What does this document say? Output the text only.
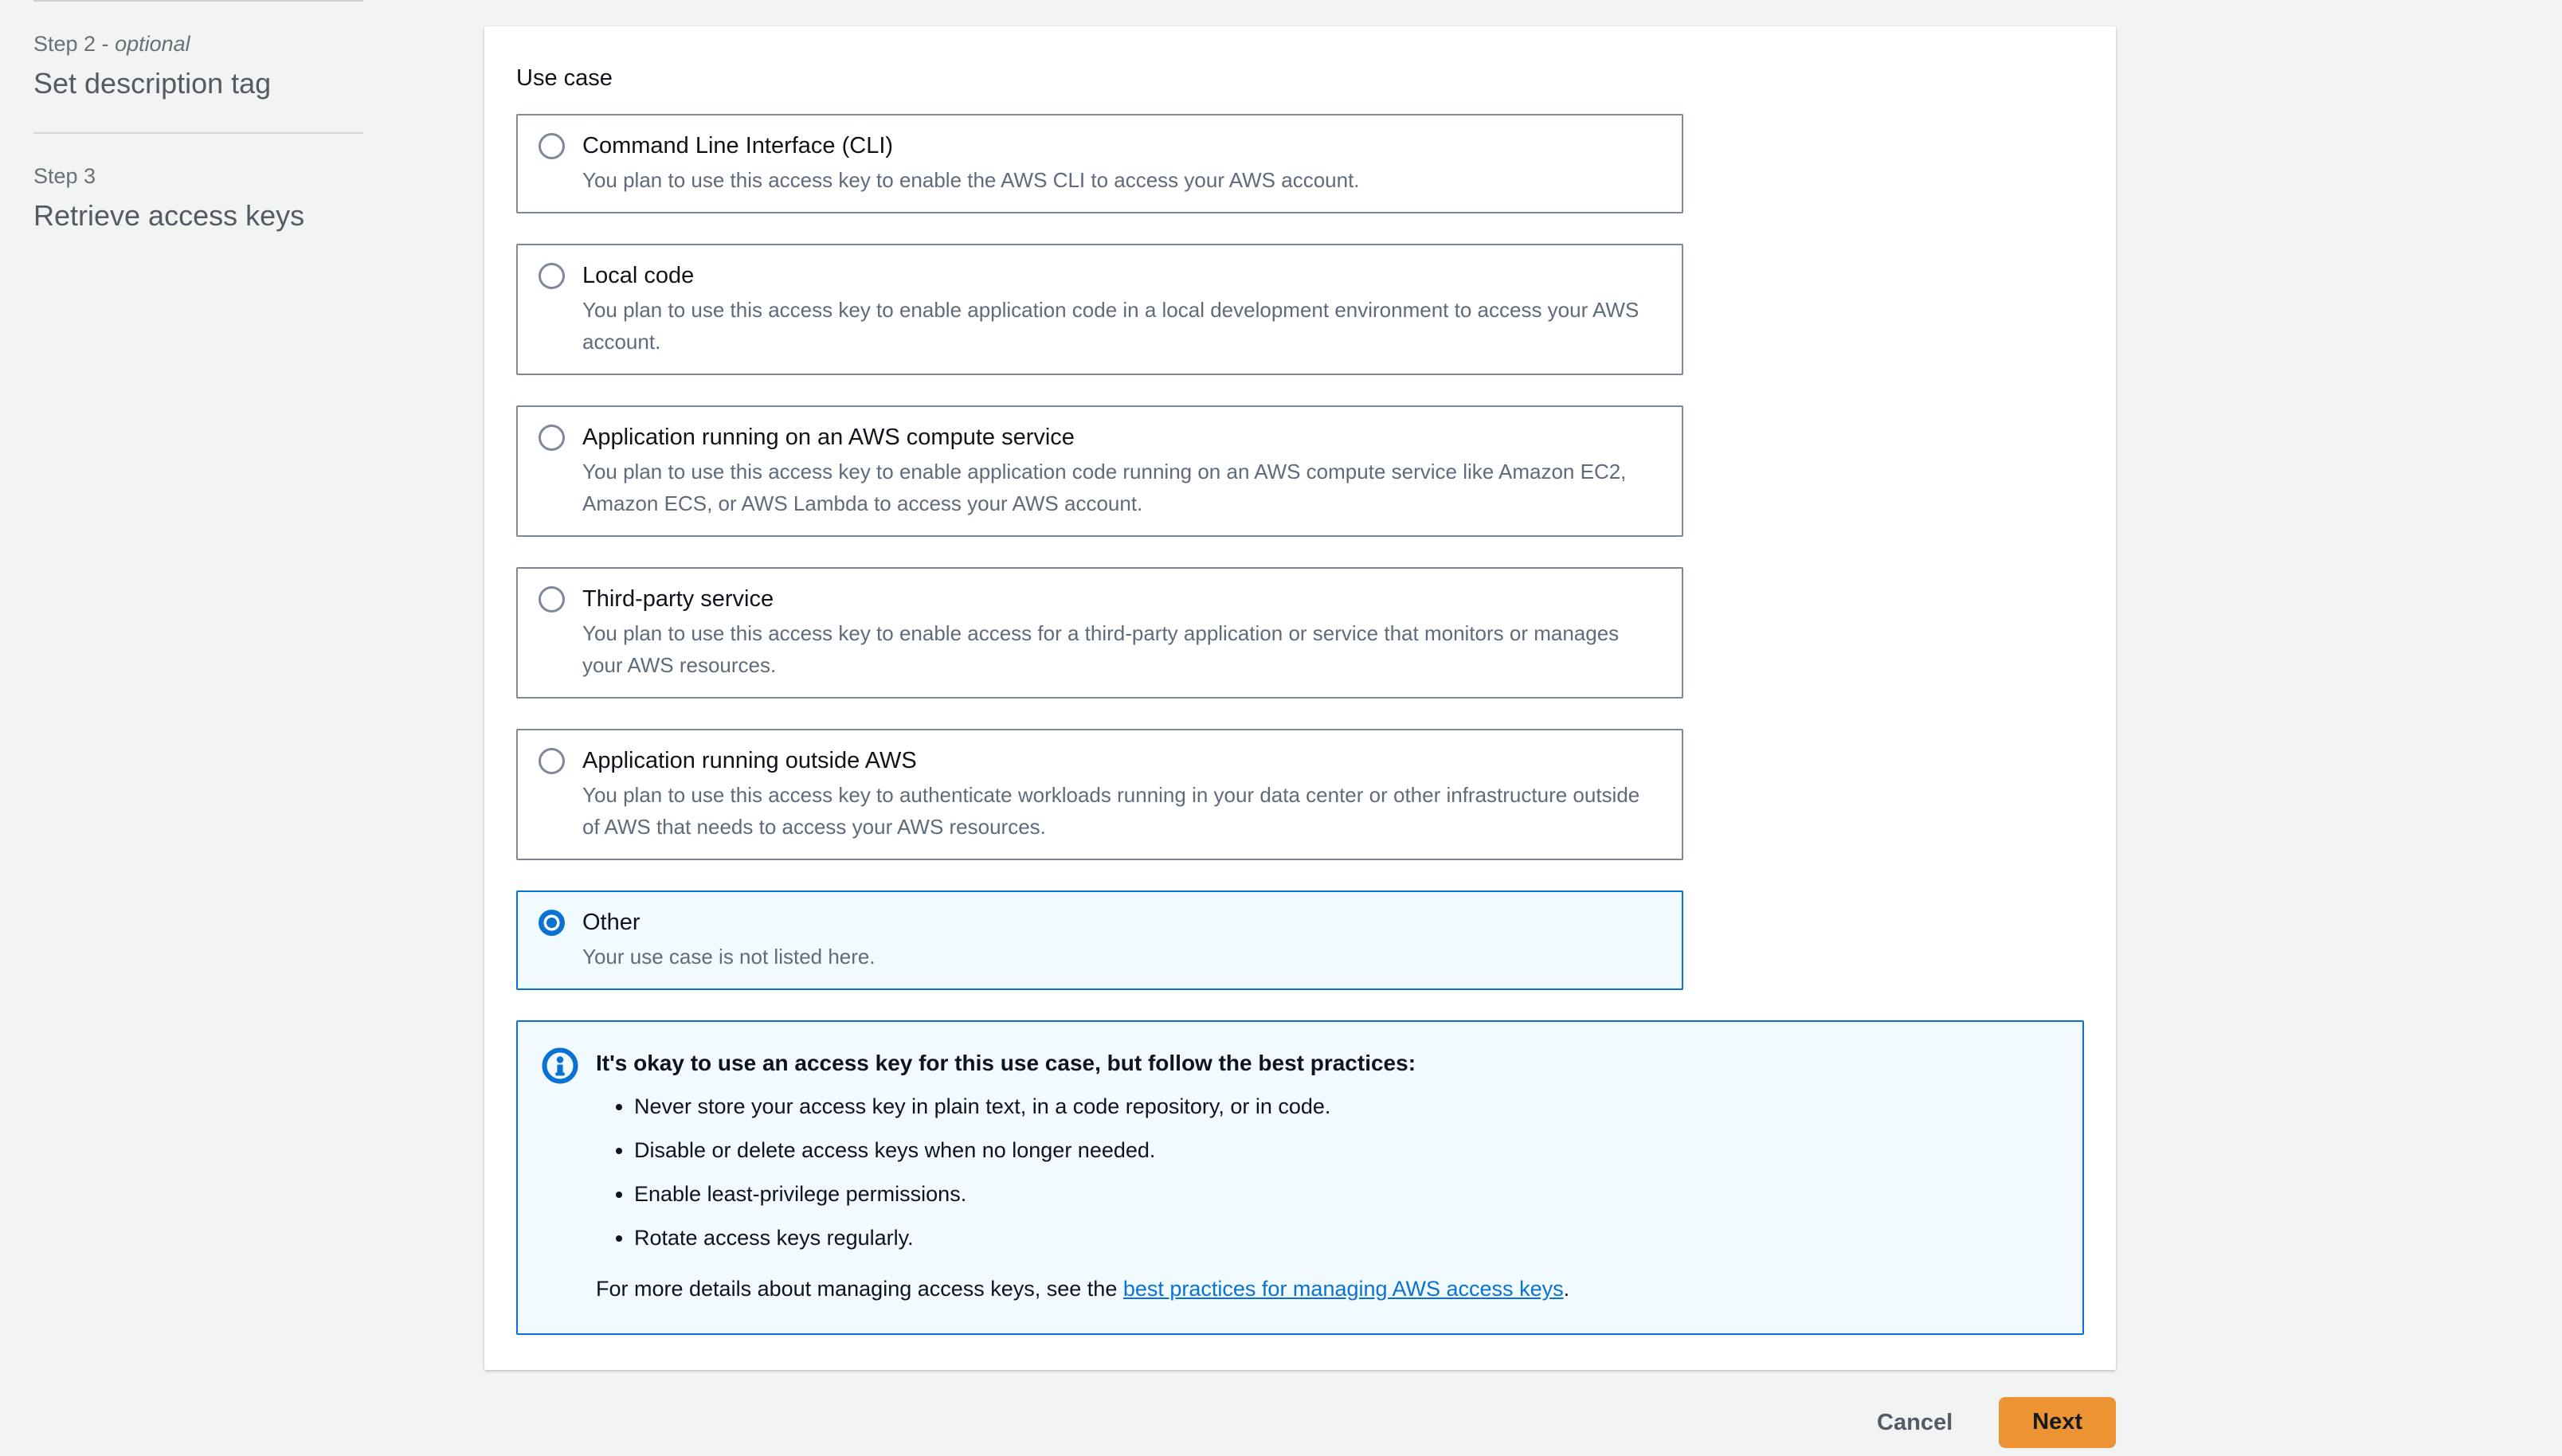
Step 2 - optional
Set description tag
Step 3
Retrieve access keys
Use case
Command Line Interface (CLI)
You plan to use this access key to enable the AWS CLI to access your AWS account.
Local code
You plan to use this access key to enable application code in a local development environment to access your AWS account.
Application running on an AWS compute service
You plan to use this access key to enable application code running on an AWS compute service like Amazon EC2, Amazon ECS, or AWS Lambda to access your AWS account.
Third-party service
You plan to use this access key to enable access for a third-party application or service that monitors or manages your AWS resources.
Application running outside AWS
You plan to use this access key to authenticate workloads running in your data center or other infrastructure outside of AWS that needs to access your AWS resources.
Other
Your use case is not listed here.
It's okay to use an access key for this use case, but follow the best practices:
• Never store your access key in plain text, in a code repository, or in code.
• Disable or delete access keys when no longer needed.
• Enable least-privilege permissions.
• Rotate access keys regularly.
For more details about managing access keys, see the best practices for managing AWS access keys.
Cancel	Next
